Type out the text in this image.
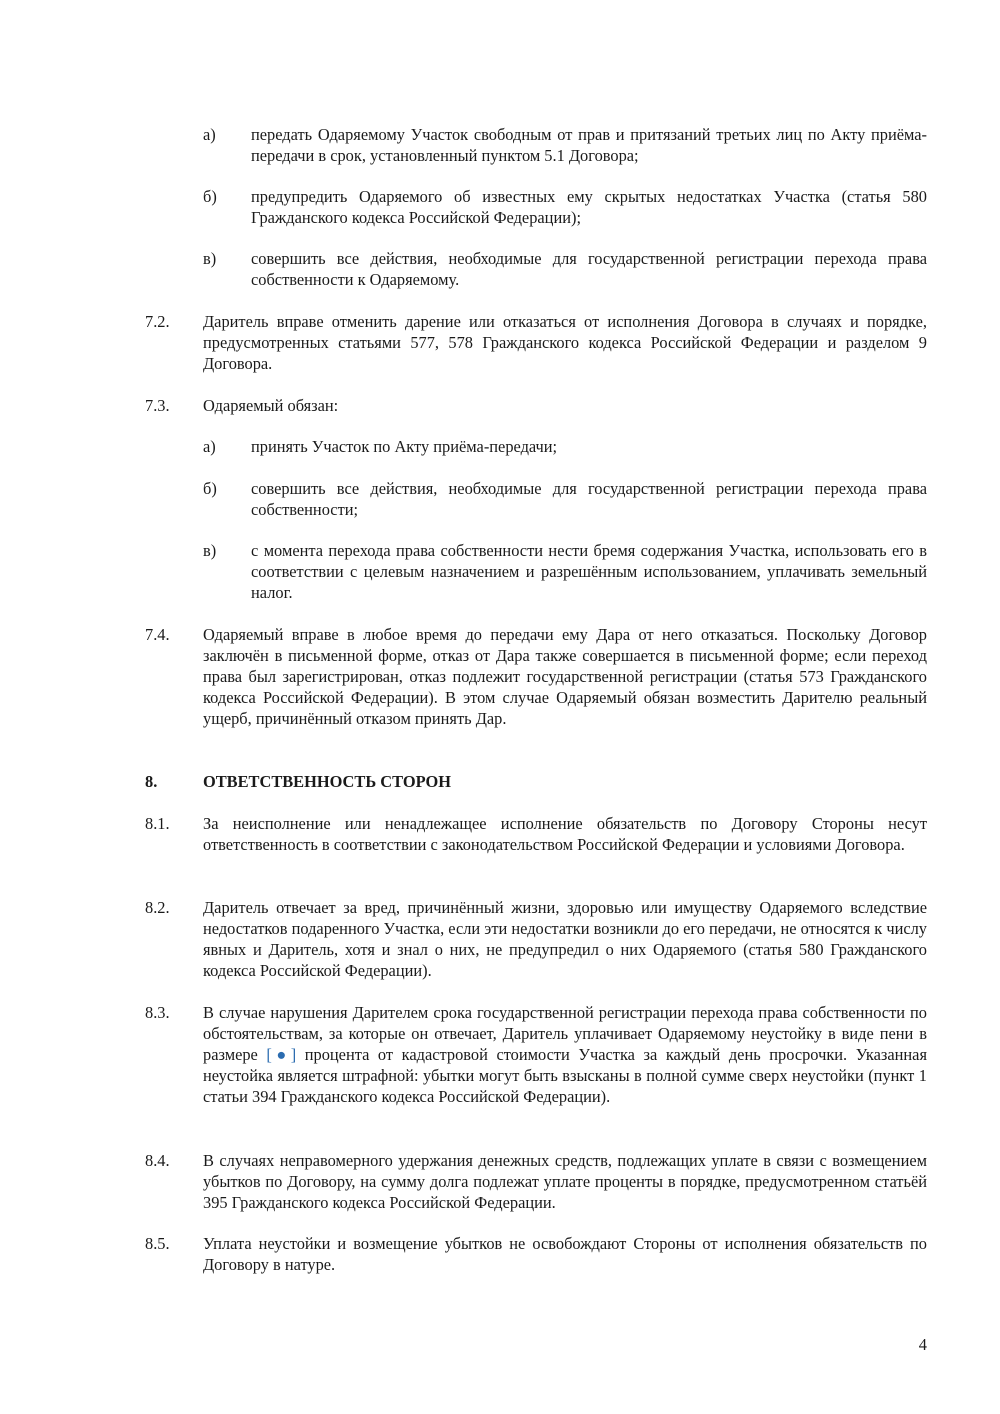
а)	передать Одаряемому Участок свободным от прав и притязаний третьих лиц по Акту приёма-передачи в срок, установленный пунктом 5.1 Договора;
б)	предупредить Одаряемого об известных ему скрытых недостатках Участка (статья 580 Гражданского кодекса Российской Федерации);
в)	совершить все действия, необходимые для государственной регистрации перехода права собственности к Одаряемому.
7.2.	Даритель вправе отменить дарение или отказаться от исполнения Договора в случаях и порядке, предусмотренных статьями 577, 578 Гражданского кодекса Российской Федерации и разделом 9 Договора.
7.3.	Одаряемый обязан:
а)	принять Участок по Акту приёма-передачи;
б)	совершить все действия, необходимые для государственной регистрации перехода права собственности;
в)	с момента перехода права собственности нести бремя содержания Участка, использовать его в соответствии с целевым назначением и разрешённым использованием, уплачивать земельный налог.
7.4.	Одаряемый вправе в любое время до передачи ему Дара от него отказаться. Поскольку Договор заключён в письменной форме, отказ от Дара также совершается в письменной форме; если переход права был зарегистрирован, отказ подлежит государственной регистрации (статья 573 Гражданского кодекса Российской Федерации). В этом случае Одаряемый обязан возместить Дарителю реальный ущерб, причинённый отказом принять Дар.
8.	ОТВЕТСТВЕННОСТЬ СТОРОН
8.1.	За неисполнение или ненадлежащее исполнение обязательств по Договору Стороны несут ответственность в соответствии с законодательством Российской Федерации и условиями Договора.
8.2.	Даритель отвечает за вред, причинённый жизни, здоровью или имуществу Одаряемого вследствие недостатков подаренного Участка, если эти недостатки возникли до его передачи, не относятся к числу явных и Даритель, хотя и знал о них, не предупредил о них Одаряемого (статья 580 Гражданского кодекса Российской Федерации).
8.3.	В случае нарушения Дарителем срока государственной регистрации перехода права собственности по обстоятельствам, за которые он отвечает, Даритель уплачивает Одаряемому неустойку в виде пени в размере [●] процента от кадастровой стоимости Участка за каждый день просрочки. Указанная неустойка является штрафной: убытки могут быть взысканы в полной сумме сверх неустойки (пункт 1 статьи 394 Гражданского кодекса Российской Федерации).
8.4.	В случаях неправомерного удержания денежных средств, подлежащих уплате в связи с возмещением убытков по Договору, на сумму долга подлежат уплате проценты в порядке, предусмотренном статьёй 395 Гражданского кодекса Российской Федерации.
8.5.	Уплата неустойки и возмещение убытков не освобождают Стороны от исполнения обязательств по Договору в натуре.
4
